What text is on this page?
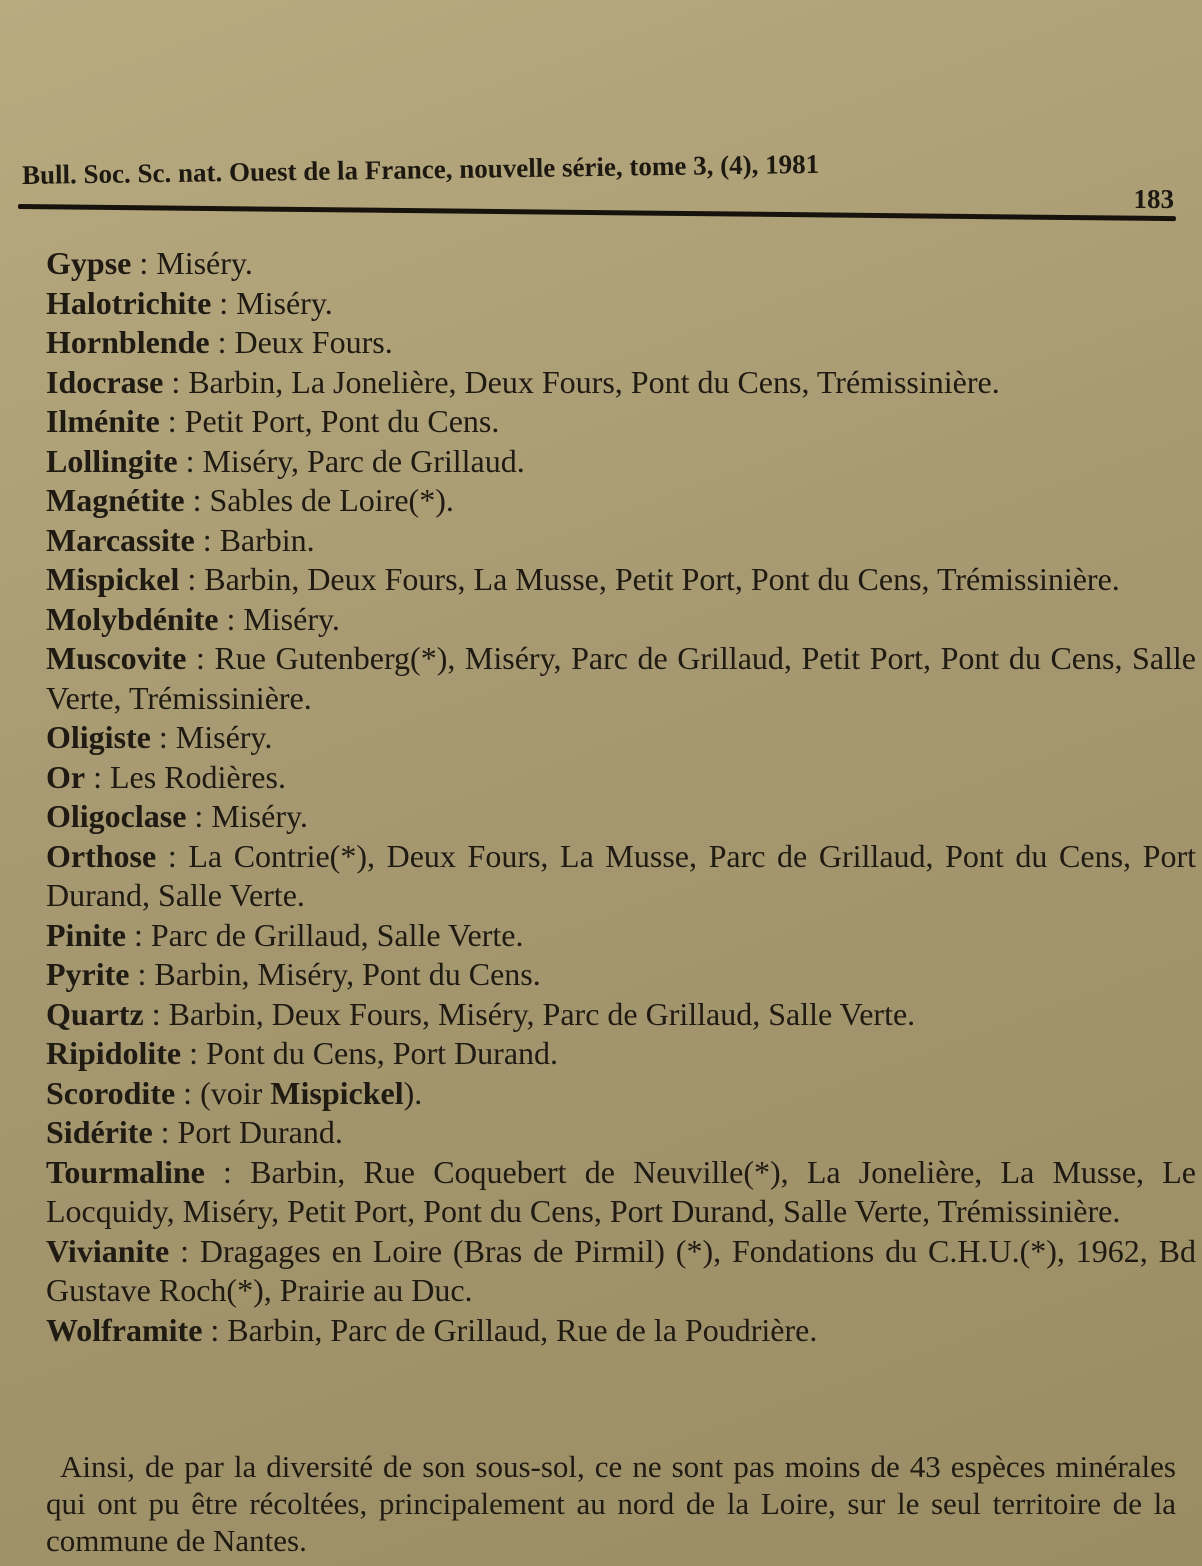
Bull. Soc. Sc. nat. Ouest de la France, nouvelle série, tome 3, (4), 1981
183
Gypse : Miséry.
Halotrichite : Miséry.
Hornblende : Deux Fours.
Idocrase : Barbin, La Jonelière, Deux Fours, Pont du Cens, Trémissinière.
Ilménite : Petit Port, Pont du Cens.
Lollingite : Miséry, Parc de Grillaud.
Magnétite : Sables de Loire(*).
Marcassite : Barbin.
Mispickel : Barbin, Deux Fours, La Musse, Petit Port, Pont du Cens, Trémissinière.
Molybdénite : Miséry.
Muscovite : Rue Gutenberg(*), Miséry, Parc de Grillaud, Petit Port, Pont du Cens, Salle Verte, Trémissinière.
Oligiste : Miséry.
Or : Les Rodières.
Oligoclase : Miséry.
Orthose : La Contrie(*), Deux Fours, La Musse, Parc de Grillaud, Pont du Cens, Port Durand, Salle Verte.
Pinite : Parc de Grillaud, Salle Verte.
Pyrite : Barbin, Miséry, Pont du Cens.
Quartz : Barbin, Deux Fours, Miséry, Parc de Grillaud, Salle Verte.
Ripidolite : Pont du Cens, Port Durand.
Scorodite : (voir Mispickel).
Sidérite : Port Durand.
Tourmaline : Barbin, Rue Coquebert de Neuville(*), La Jonelière, La Musse, Le Locquidy, Miséry, Petit Port, Pont du Cens, Port Durand, Salle Verte, Trémissinière.
Vivianite : Dragages en Loire (Bras de Pirmil) (*), Fondations du C.H.U.(*), 1962, Bd Gustave Roch(*), Prairie au Duc.
Wolframite : Barbin, Parc de Grillaud, Rue de la Poudrière.
Ainsi, de par la diversité de son sous-sol, ce ne sont pas moins de 43 espèces minérales qui ont pu être récoltées, principalement au nord de la Loire, sur le seul territoire de la commune de Nantes.
